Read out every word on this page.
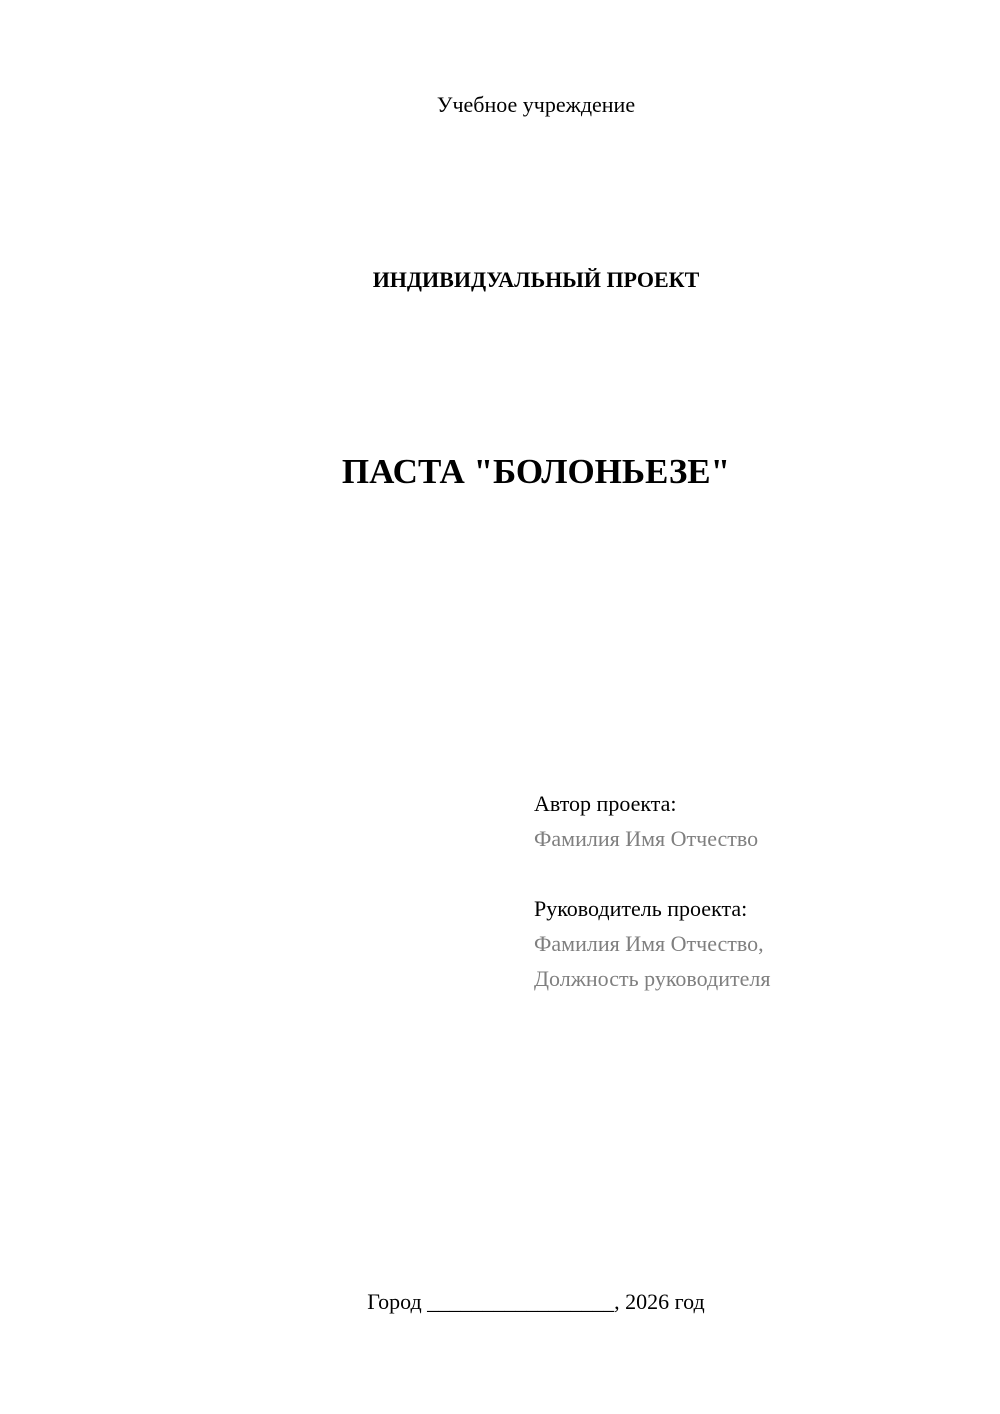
Учебное учреждение
ИНДИВИДУАЛЬНЫЙ ПРОЕКТ
ПАСТА "БОЛОНЬЕЗЕ"
Автор проекта:
Фамилия Имя Отчество
Руководитель проекта:
Фамилия Имя Отчество,
Должность руководителя
Город _________________, 2026 год
